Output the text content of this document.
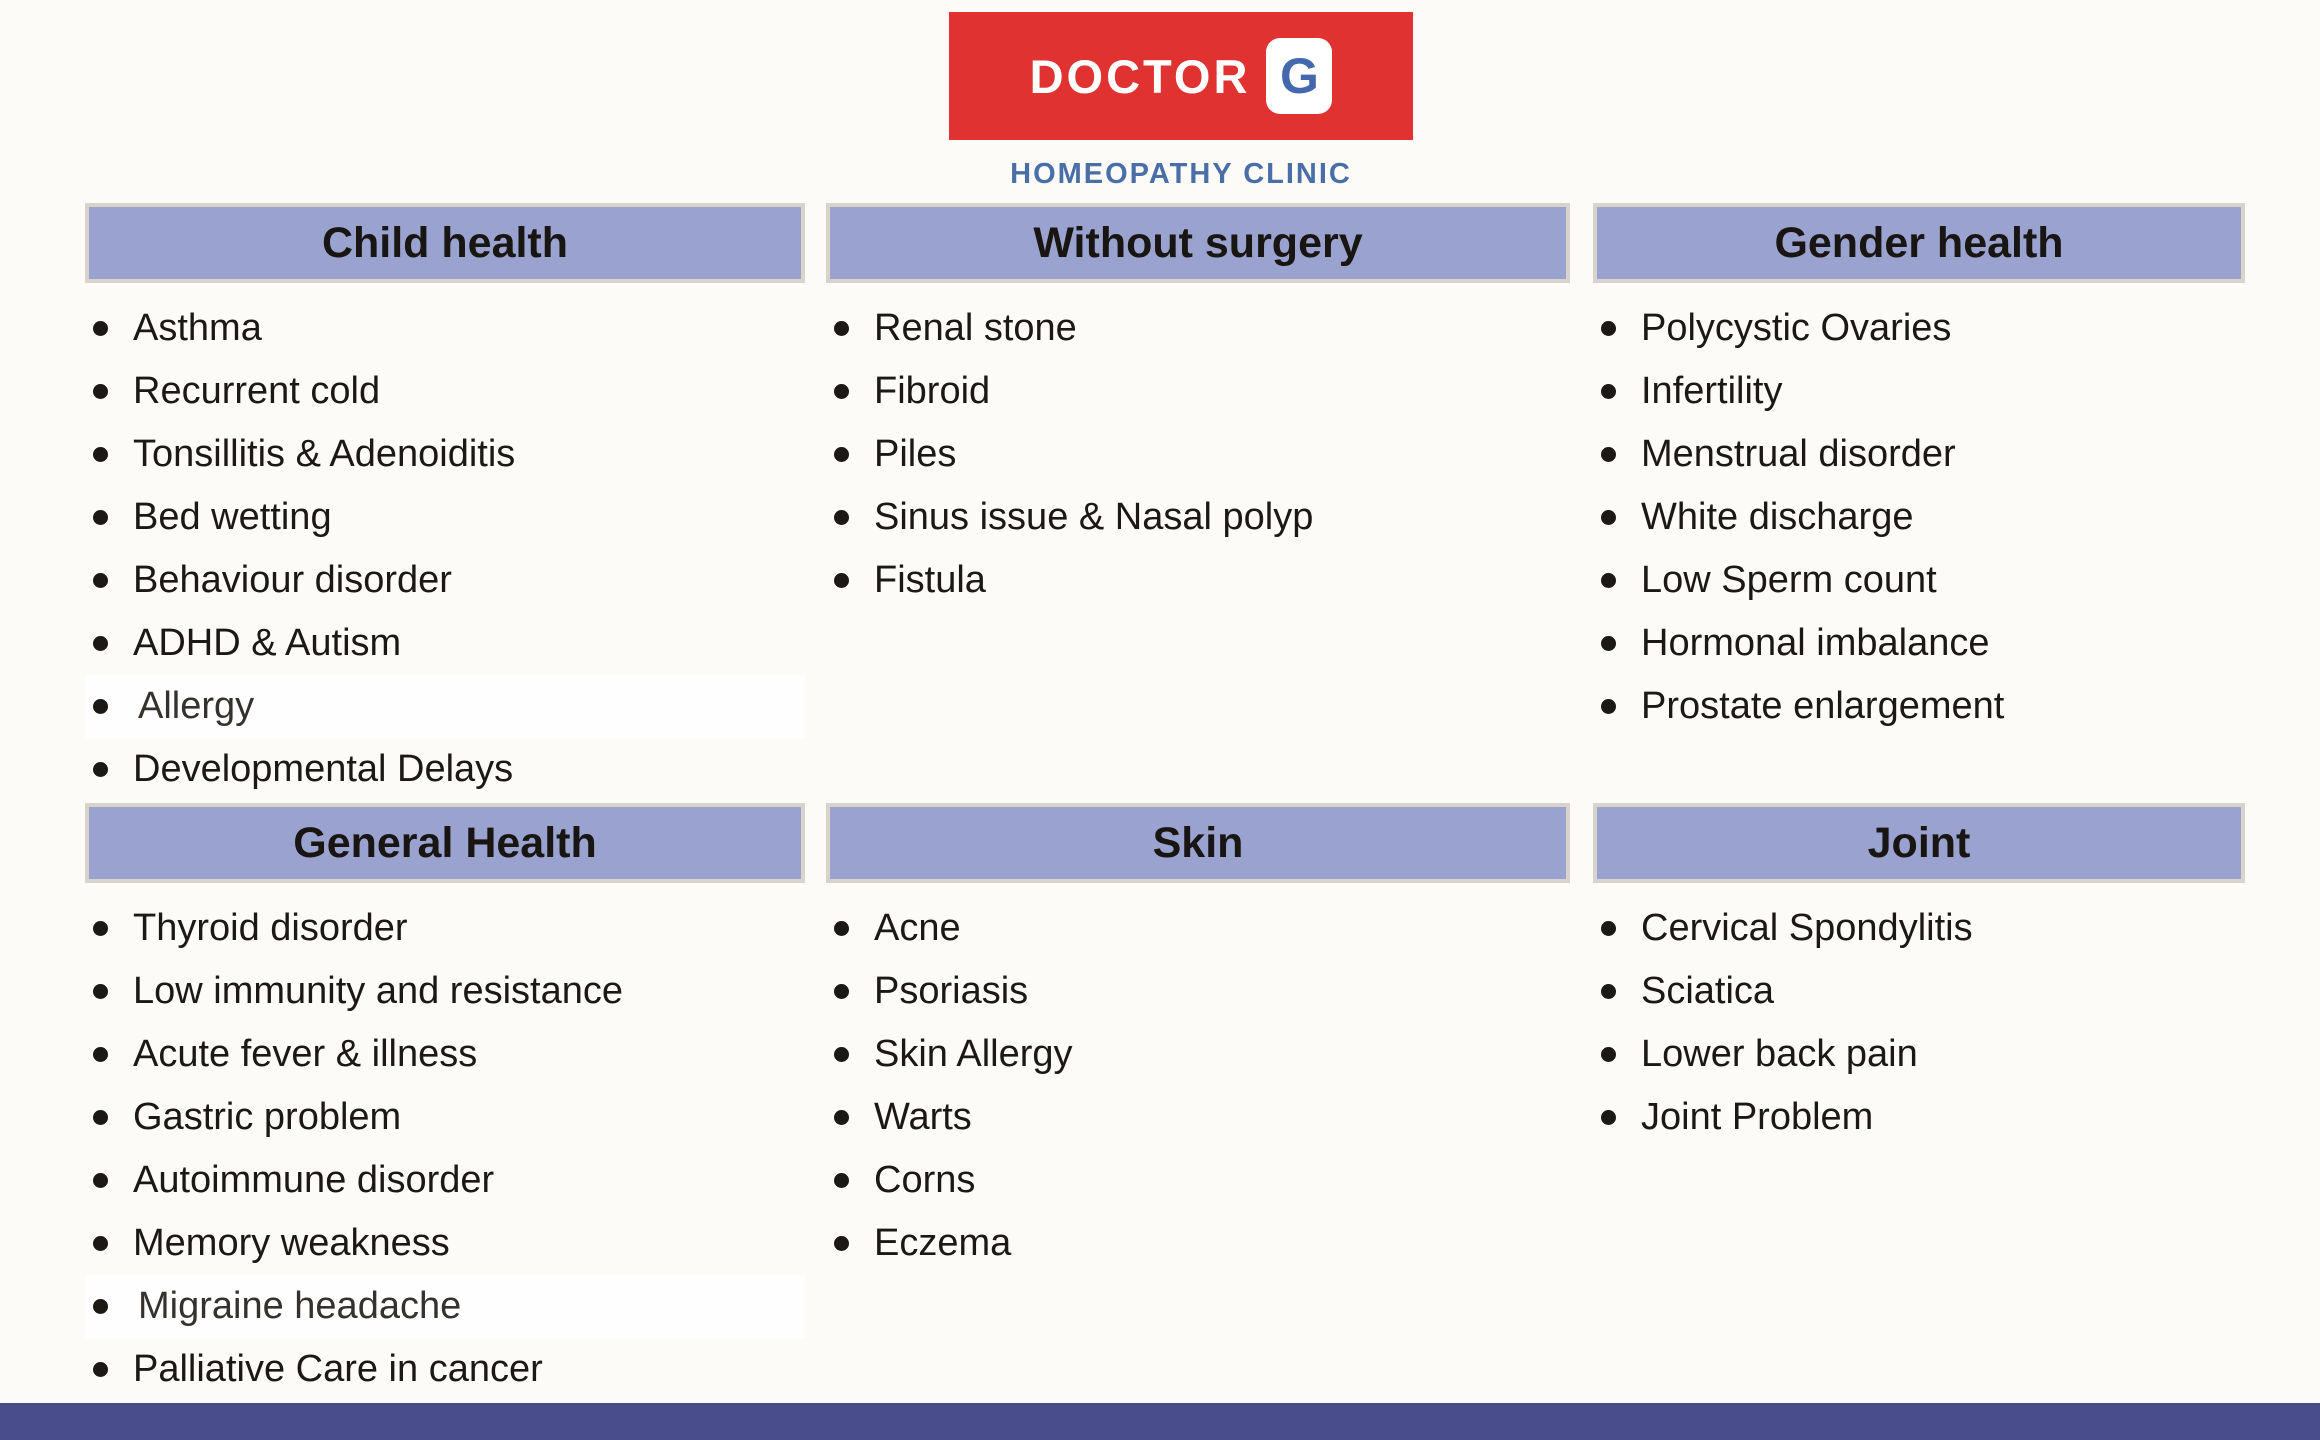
DOCTOR G
HOMEOPATHY CLINIC
Child health
Asthma
Recurrent cold
Tonsillitis & Adenoiditis
Bed wetting
Behaviour disorder
ADHD & Autism
Allergy
Developmental Delays
Without surgery
Renal stone
Fibroid
Piles
Sinus issue & Nasal polyp
Fistula
Gender health
Polycystic Ovaries
Infertility
Menstrual disorder
White discharge
Low Sperm count
Hormonal imbalance
Prostate enlargement
General Health
Thyroid disorder
Low immunity and resistance
Acute fever & illness
Gastric problem
Autoimmune disorder
Memory weakness
Migraine headache
Palliative Care in cancer
Skin
Acne
Psoriasis
Skin Allergy
Warts
Corns
Eczema
Joint
Cervical Spondylitis
Sciatica
Lower back pain
Joint Problem
